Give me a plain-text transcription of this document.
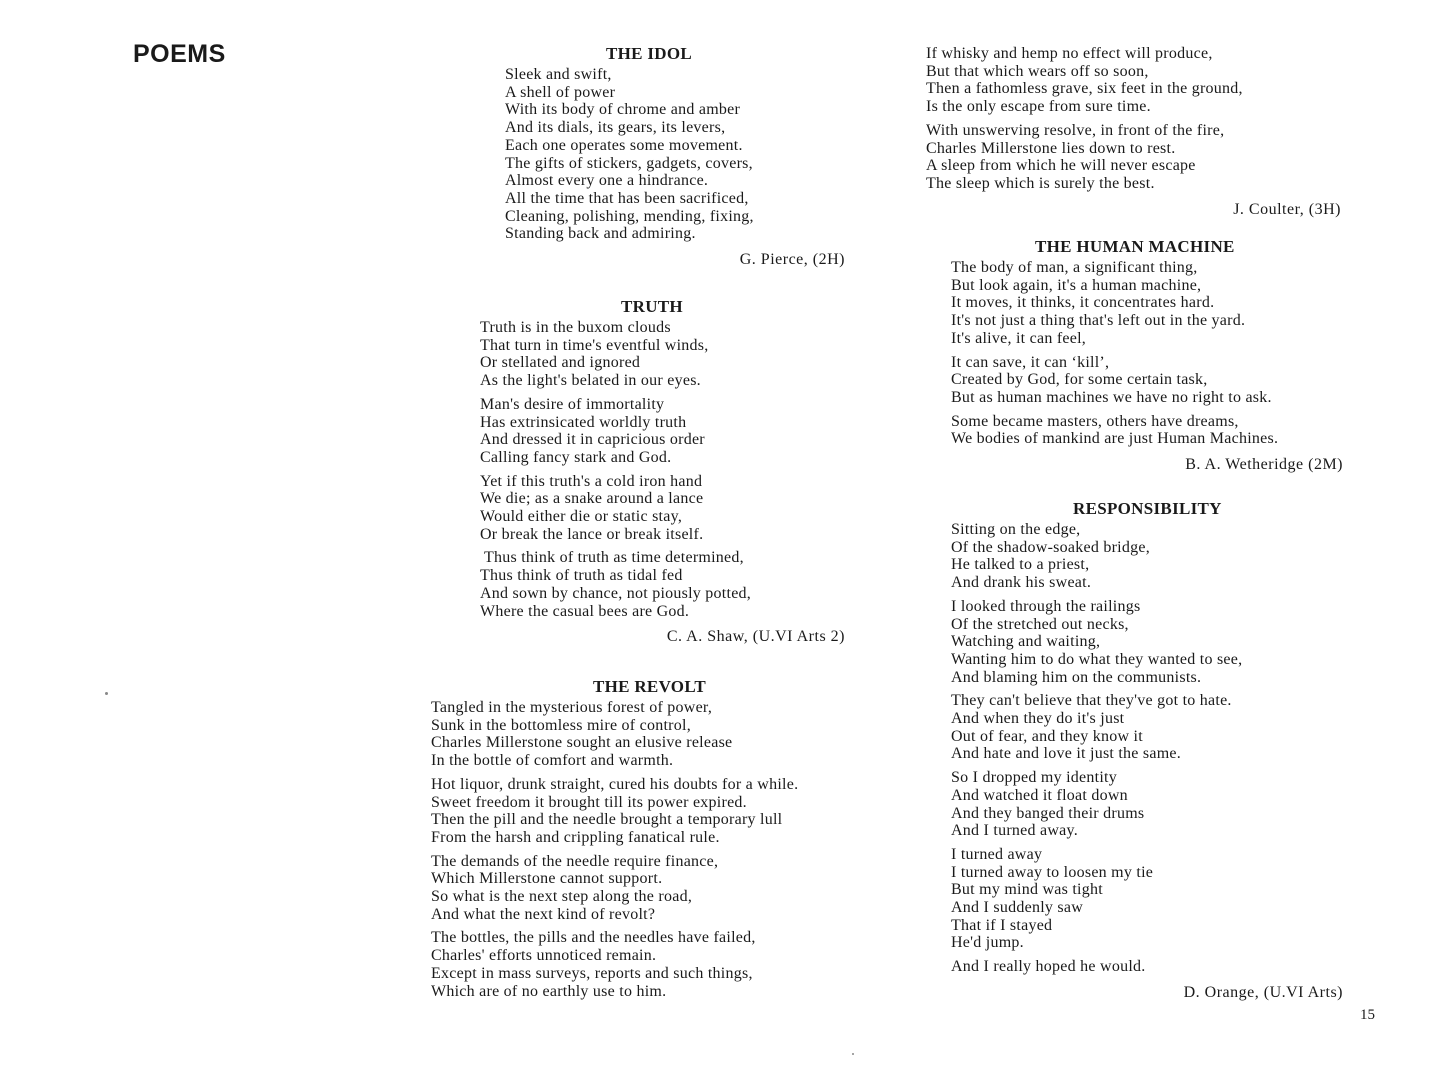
POEMS	THE IDOL
Sleek and swift,
A shell of power
With its body of chrome and amber
And its dials, its gears, its levers,
Each one operates some movement.
The gifts of stickers, gadgets, covers,
Almost every one a hindrance.
All the time that has been sacrificed,
Cleaning, polishing, mending, fixing,
Standing back and admiring.
G. Pierce, (2H)
TRUTH
Truth is in the buxom clouds
That turn in time's eventful winds,
Or stellated and ignored
As the light's belated in our eyes.
Man's desire of immortality
Has extrinsicated worldly truth
And dressed it in capricious order
Calling fancy stark and God.
Yet if this truth's a cold iron hand
We die; as a snake around a lance
Would either die or static stay,
Or break the lance or break itself.
Thus think of truth as time determined,
Thus think of truth as tidal fed
And sown by chance, not piously potted,
Where the casual bees are God.
C. A. Shaw, (U.VI Arts 2)
THE REVOLT
Tangled in the mysterious forest of power,
Sunk in the bottomless mire of control,
Charles Millerstone sought an elusive release
In the bottle of comfort and warmth.
Hot liquor, drunk straight, cured his doubts for a while.
Sweet freedom it brought till its power expired.
Then the pill and the needle brought a temporary lull
From the harsh and crippling fanatical rule.
The demands of the needle require finance,
Which Millerstone cannot support.
So what is the next step along the road,
And what the next kind of revolt?
The bottles, the pills and the needles have failed,
Charles' efforts unnoticed remain.
Except in mass surveys, reports and such things,
Which are of no earthly use to him.
If whisky and hemp no effect will produce,
But that which wears off so soon,
Then a fathomless grave, six feet in the ground,
Is the only escape from sure time.
With unswerving resolve, in front of the fire,
Charles Millerstone lies down to rest.
A sleep from which he will never escape
The sleep which is surely the best.
J. Coulter, (3H)
THE HUMAN MACHINE
The body of man, a significant thing,
But look again, it's a human machine,
It moves, it thinks, it concentrates hard.
It's not just a thing that's left out in the yard.
It's alive, it can feel,
It can save, it can ‘kill’,
Created by God, for some certain task,
But as human machines we have no right to ask.
Some became masters, others have dreams,
We bodies of mankind are just Human Machines.
B. A. Wetheridge (2M)
RESPONSIBILITY
Sitting on the edge,
Of the shadow-soaked bridge,
He talked to a priest,
And drank his sweat.
I looked through the railings
Of the stretched out necks,
Watching and waiting,
Wanting him to do what they wanted to see,
And blaming him on the communists.
They can't believe that they've got to hate.
And when they do it's just
Out of fear, and they know it
And hate and love it just the same.
So I dropped my identity
And watched it float down
And they banged their drums
And I turned away.
I turned away
I turned away to loosen my tie
But my mind was tight
And I suddenly saw
That if I stayed
He'd jump.
And I really hoped he would.
D. Orange, (U.VI Arts)

15
